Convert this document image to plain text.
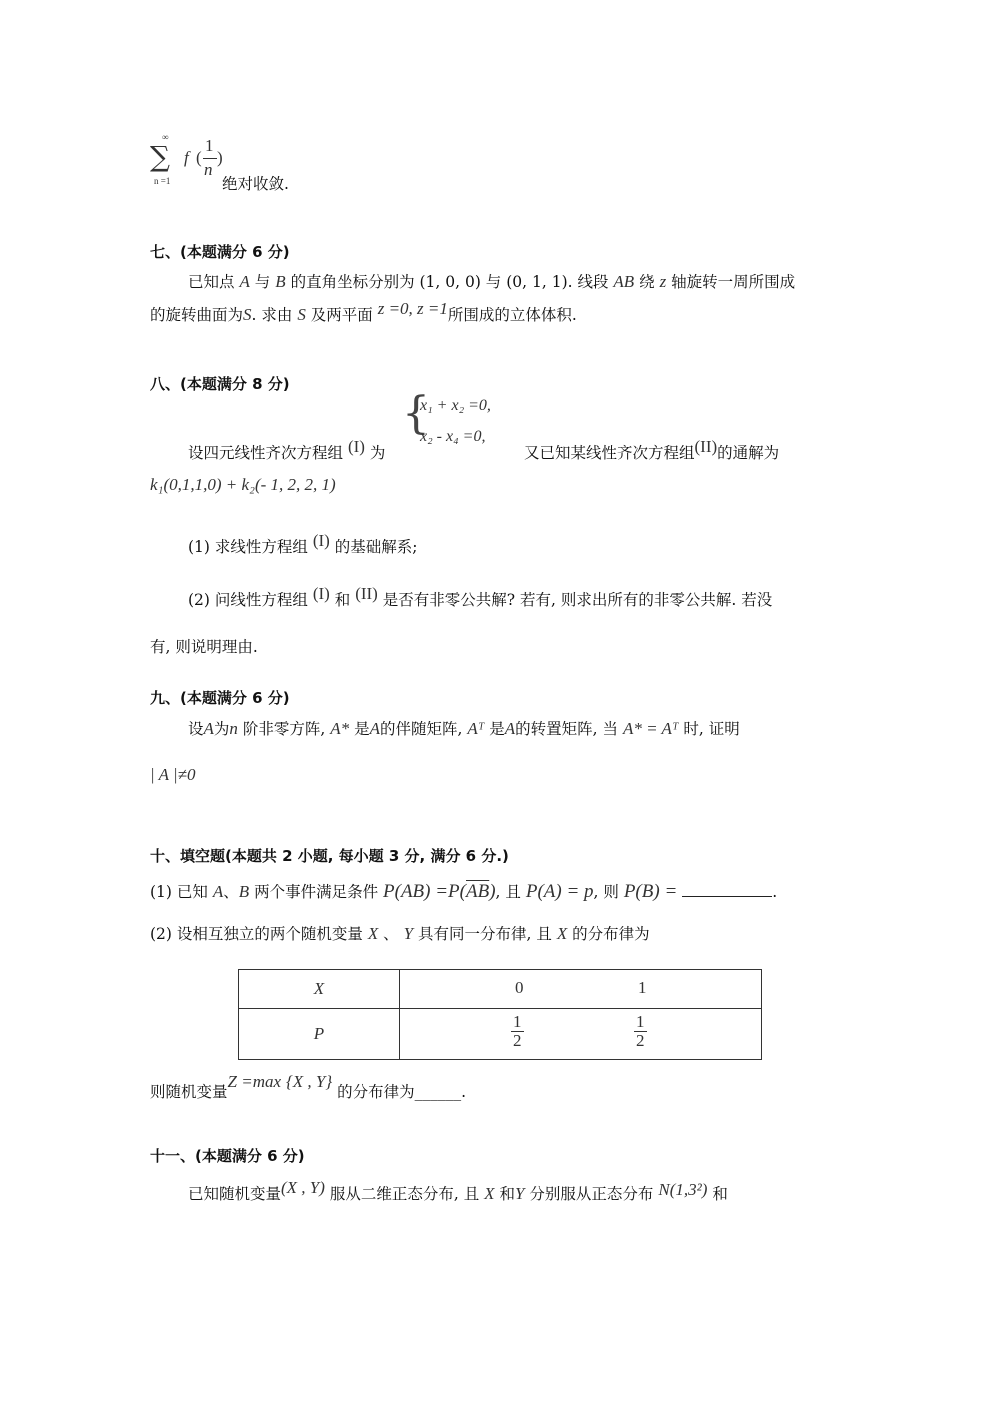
∞
∑
n =1
f (
1
n
)
绝对收敛.
七、(本题满分 6 分)
已知点 A 与 B 的直角坐标分别为 (1, 0, 0) 与 (0, 1, 1). 线段 AB 绕 z 轴旋转一周所围成
的旋转曲面为S. 求由 S 及两平面 z =0, z =1所围成的立体体积.
八、(本题满分 8 分)
{
x₁ + x₂ =0,
x₂ - x₄ =0,
设四元线性齐次方程组 (I) 为	又已知某线性齐次方程组(II)的通解为
k₁(0,1,1,0) + k₂(- 1, 2, 2, 1)
(1) 求线性方程组 (I) 的基础解系;
(2) 问线性方程组 (I) 和 (II) 是否有非零公共解? 若有, 则求出所有的非零公共解. 若没
有, 则说明理由.
九、(本题满分 6 分)
设A为n 阶非零方阵, A* 是A的伴随矩阵, Aᵀ 是A的转置矩阵, 当 A* = Aᵀ 时, 证明
| A |≠0
十、填空题(本题共 2 小题, 每小题 3 分, 满分 6 分.)
(1) 已知 A、B 两个事件满足条件 $P(AB) =P(\overline{AB})$, 且 P(A) = p, 则 P(B) =	.
(2) 设相互独立的两个随机变量 X 、 Y 具有同一分布律, 且 X 的分布律为
X	0 1

P	$\frac{1}{2} \frac{1}{2}$
则随机变量Z =max {X , Y} 的分布律为______.
十一、(本题满分 6 分)
已知随机变量(X , Y) 服从二维正态分布, 且 X 和Y 分别服从正态分布 N(1,3²) 和
